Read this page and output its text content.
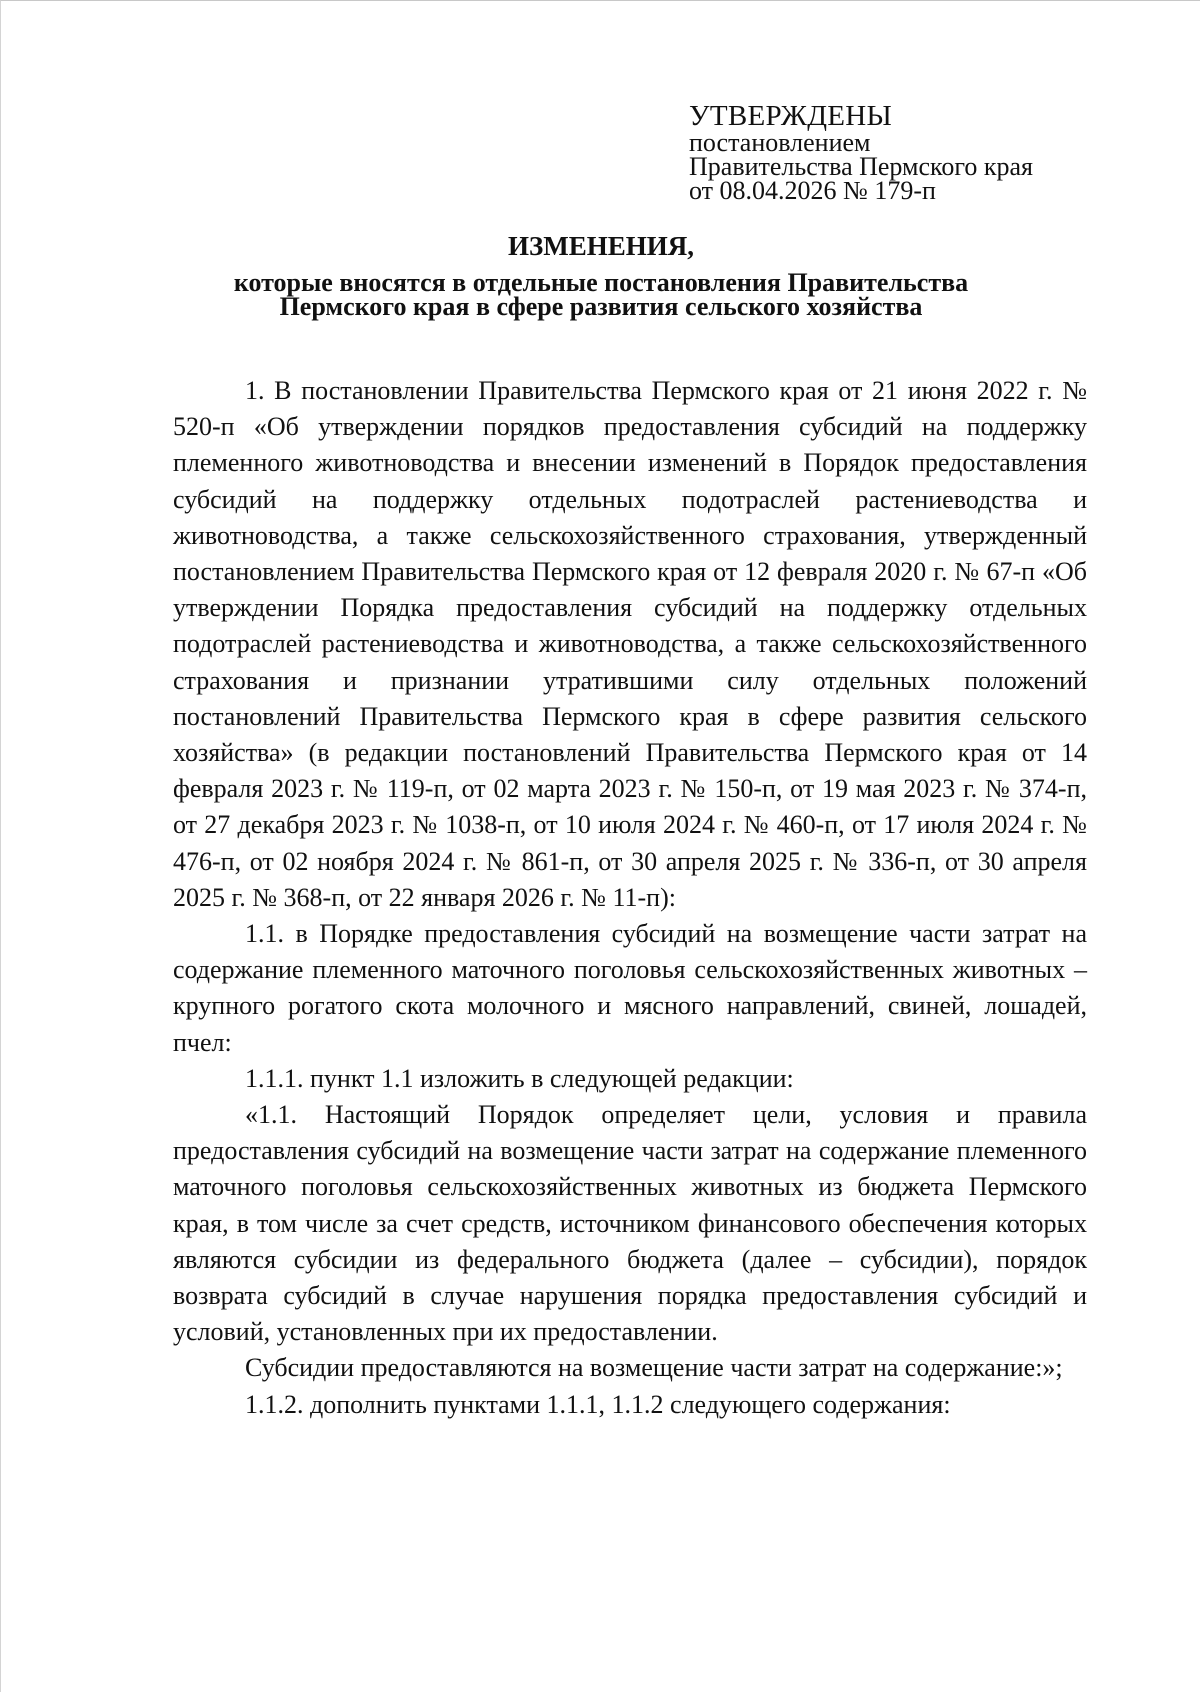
УТВЕРЖДЕНЫ
постановлением
Правительства Пермского края
от 08.04.2026 № 179-п
ИЗМЕНЕНИЯ,
которые вносятся в отдельные постановления Правительства
Пермского края в сфере развития сельского хозяйства

1. В постановлении Правительства Пермского края от 21 июня 2022 г. № 520-п «Об утверждении порядков предоставления субсидий на поддержку племенного животноводства и внесении изменений в Порядок предоставления субсидий на поддержку отдельных подотраслей растениеводства и животноводства, а также сельскохозяйственного страхования, утвержденный постановлением Правительства Пермского края от 12 февраля 2020 г. № 67-п «Об утверждении Порядка предоставления субсидий на поддержку отдельных подотраслей растениеводства и животноводства, а также сельскохозяйственного страхования и признании утратившими силу отдельных положений постановлений Правительства Пермского края в сфере развития сельского хозяйства» (в редакции постановлений Правительства Пермского края от 14 февраля 2023 г. № 119-п, от 02 марта 2023 г. № 150-п, от 19 мая 2023 г. № 374-п, от 27 декабря 2023 г. № 1038-п, от 10 июля 2024 г. № 460-п, от 17 июля 2024 г. № 476-п, от 02 ноября 2024 г. № 861-п, от 30 апреля 2025 г. № 336-п, от 30 апреля 2025 г. № 368-п, от 22 января 2026 г. № 11-п):

1.1. в Порядке предоставления субсидий на возмещение части затрат на содержание племенного маточного поголовья сельскохозяйственных животных – крупного рогатого скота молочного и мясного направлений, свиней, лошадей, пчел:

1.1.1. пункт 1.1 изложить в следующей редакции:

«1.1. Настоящий Порядок определяет цели, условия и правила предоставления субсидий на возмещение части затрат на содержание племенного маточного поголовья сельскохозяйственных животных из бюджета Пермского края, в том числе за счет средств, источником финансового обеспечения которых являются субсидии из федерального бюджета (далее – субсидии), порядок возврата субсидий в случае нарушения порядка предоставления субсидий и условий, установленных при их предоставлении.

Субсидии предоставляются на возмещение части затрат на содержание:»;

1.1.2. дополнить пунктами 1.1.1, 1.1.2 следующего содержания:
